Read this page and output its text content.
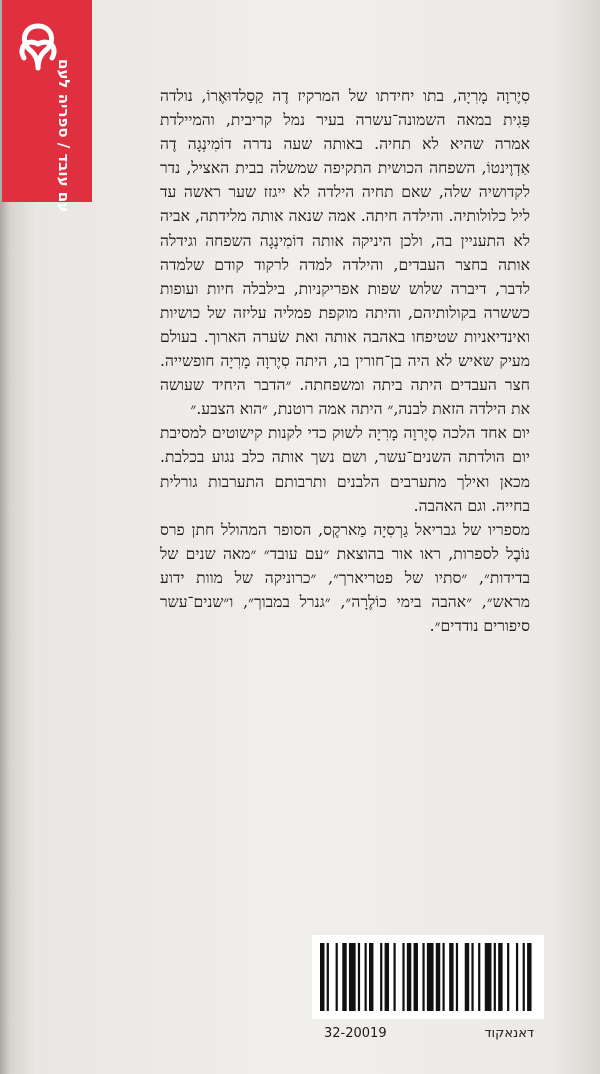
עם עובד / ספריה לעם	סִיֶרוָה מָרִיָה, בתו יחידתו של המרקיז דֶה קַסַלדוּאֶרוֹ, נולדה פַּגִית במאה השמונה־עשרה בעיר נמל קריבית, והמיילדת אמרה שהיא לא תחיה. באותה שעה נדרה דוֹמִינְגָה דֶה אַדְוֶינטוֹ, השפחה הכושית התקיפה שמשלה בבית האציל, נדר לקדושיה שלה, שאם תחיה הילדה לא ייגזז שער ראשה עד ליל כלולותיה. והילדה חיתה. אמה שנאה אותה מלידתה, אביה לא התעניין בה, ולכן היניקה אותה דוֹמִינְגָה השפחה וגידלה אותה בחצר העבדים, והילדה למדה לרקוד קודם שלמדה לדבר, דיברה שלוש שפות אפריקניות, בילבלה חיות ועופות כששרה בקולותיהם, והיתה מוקפת פמליה עליזה של כושיות ואינדיאניות שטיפחו באהבה אותה ואת שׂערה הארוך. בעולם מעיק שאיש לא היה בן־חורין בו, היתה סִיֶרוָה מָרִיָה חופשייה. חצר העבדים היתה ביתה ומשפחתה. ״הדבר היחיד שעושה את הילדה הזאת לבנה,״ היתה אמה רוטנת, ״הוא הצבע.״

יום אחד הלכה סִיֶרוָה מָרִיָה לשוק כדי לקנות קישוטים למסיבת יום הולדתה השנים־עשר, ושם נשך אותה כלב נגוע בכלבת. מכאן ואילך מתערבים הלבנים ותרבותם התערבות גורלית בחייה. וגם האהבה.

מספריו של גבריאל גַרְסִיָה מַארקֶס, הסופר המהולל חתן פרס נוֹבֶל לספרות, ראו אור בהוצאת ״עם עובד״ ״מאה שנים של בדידות״, ״סתיו של פטריארך״, ״כרוניקה של מוות ידוע מראש״, ״אהבה בימי כוֹלֶרָה״, ״גנרל במבוך״, ו״שנים־עשר סיפורים נודדים״.

דאנאקוד
32-20019
